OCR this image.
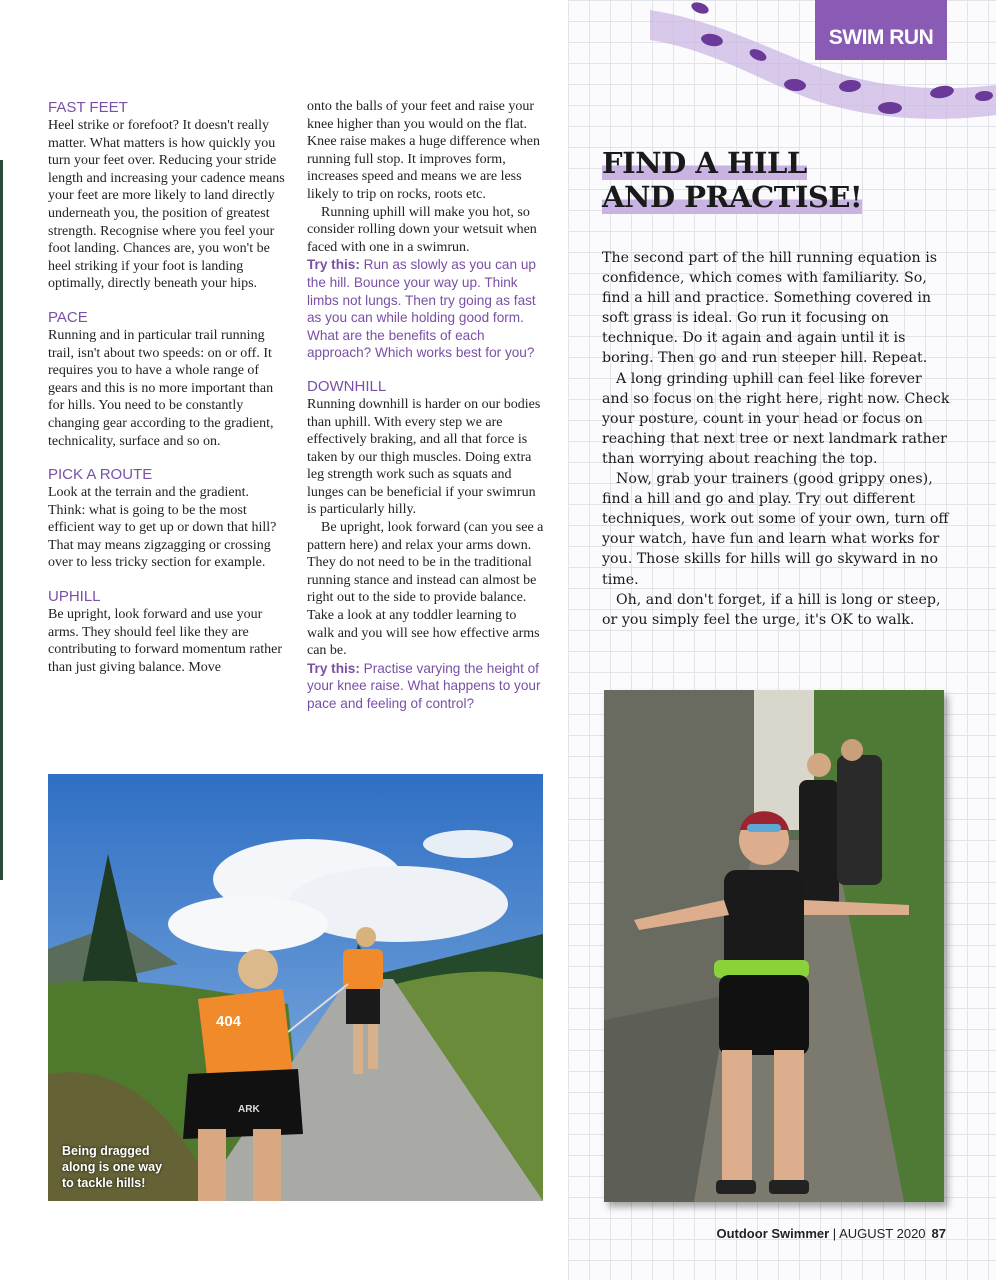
SWIM RUN
FAST FEET

Heel strike or forefoot? It doesn't really matter. What matters is how quickly you turn your feet over. Reducing your stride length and increasing your cadence means your feet are more likely to land directly underneath you, the position of greatest strength. Recognise where you feel your foot landing. Chances are, you won't be heel striking if your foot is landing optimally, directly beneath your hips.

PACE

Running and in particular trail running trail, isn't about two speeds: on or off. It requires you to have a whole range of gears and this is no more important than for hills. You need to be constantly changing gear according to the gradient, technicality, surface and so on.

PICK A ROUTE

Look at the terrain and the gradient. Think: what is going to be the most efficient way to get up or down that hill? That may means zigzagging or crossing over to less tricky section for example.

UPHILL

Be upright, look forward and use your arms. They should feel like they are contributing to forward momentum rather than just giving balance. Move

onto the balls of your feet and raise your knee higher than you would on the flat. Knee raise makes a huge difference when running full stop. It improves form, increases speed and means we are less likely to trip on rocks, roots etc.

Running uphill will make you hot, so consider rolling down your wetsuit when faced with one in a swimrun.

Try this: Run as slowly as you can up the hill. Bounce your way up. Think limbs not lungs. Then try going as fast as you can while holding good form. What are the benefits of each approach? Which works best for you?

DOWNHILL

Running downhill is harder on our bodies than uphill. With every step we are effectively braking, and all that force is taken by our thigh muscles. Doing extra leg strength work such as squats and lunges can be beneficial if your swimrun is particularly hilly.

Be upright, look forward (can you see a pattern here) and relax your arms down. They do not need to be in the traditional running stance and instead can almost be right out to the side to provide balance. Take a look at any toddler learning to walk and you will see how effective arms can be.

Try this: Practise varying the height of your knee raise. What happens to your pace and feeling of control?

FIND A HILL
AND PRACTISE!

The second part of the hill running equation is confidence, which comes with familiarity. So, find a hill and practice. Something covered in soft grass is ideal. Go run it focusing on technique. Do it again and again until it is boring. Then go and run steeper hill. Repeat.

A long grinding uphill can feel like forever and so focus on the right here, right now. Check your posture, count in your head or focus on reaching that next tree or next landmark rather than worrying about reaching the top.

Now, grab your trainers (good grippy ones), find a hill and go and play. Try out different techniques, work out some of your own, turn off your watch, have fun and learn what works for you. Those skills for hills will go skyward in no time.

Oh, and don't forget, if a hill is long or steep, or you simply feel the urge, it's OK to walk.

404
ARK
Being dragged along is one way to tackle hills!
Outdoor Swimmer | AUGUST 2020 87
